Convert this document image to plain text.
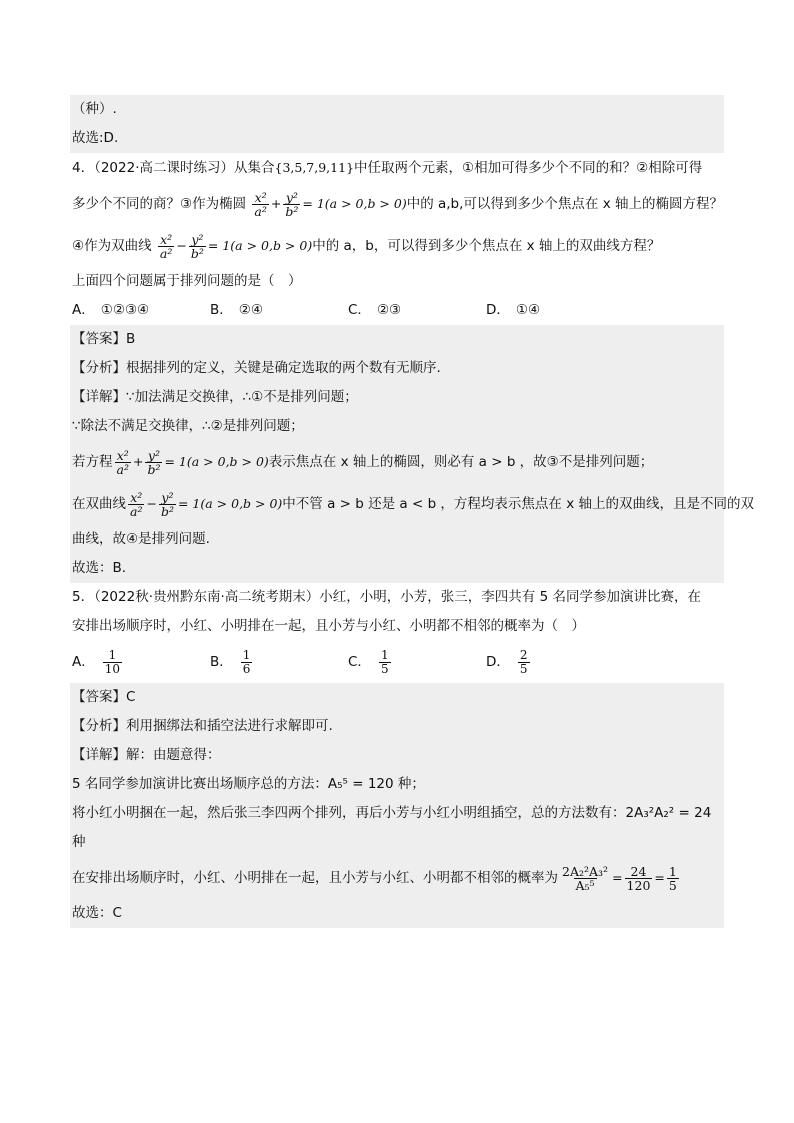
（种）.
故选:D.
4．（2022·高二课时练习）从集合{3,5,7,9,11}中任取两个元素，①相加可得多少个不同的和？②相除可得
多少个不同的商？③作为椭圆 $\frac{\text{x²}}{\text{a²}} + \frac{\text{y²}}{\text{b²}} = 1(a > 0,b > 0)$中的 a,b,可以得到多少个焦点在 x 轴上的椭圆方程？
④作为双曲线 $\frac{\text{x²}}{\text{a²}} - \frac{\text{y²}}{\text{b²}} = 1(a > 0,b > 0)$中的 a，b，可以得到多少个焦点在 x 轴上的双曲线方程？
上面四个问题属于排列问题的是（　）
A． ①②③④	B． ②④	C． ②③	D． ①④
【答案】B
【分析】根据排列的定义，关键是确定选取的两个数有无顺序.
【详解】∵加法满足交换律，∴①不是排列问题；
∵除法不满足交换律，∴②是排列问题；
若方程 $\frac{\text{x²}}{\text{a²}} + \frac{\text{y²}}{\text{b²}} = 1(a > 0,b > 0)$表示焦点在 x 轴上的椭圆，则必有 a > b ，故③不是排列问题；
在双曲线 $\frac{\text{x²}}{\text{a²}} - \frac{\text{y²}}{\text{b²}} = 1(a > 0,b > 0)$中不管 a > b 还是 a < b ，方程均表示焦点在 x 轴上的双曲线，且是不同的双
曲线，故④是排列问题.
故选：B.
5．（2022秋·贵州黔东南·高二统考期末）小红，小明，小芳，张三，李四共有 5 名同学参加演讲比赛，在
安排出场顺序时，小红、小明排在一起，且小芳与小红、小明都不相邻的概率为（　）
A． $\frac{1}{10}$	B． $\frac{1}{6}$	C． $\frac{1}{5}$	D． $\frac{2}{5}$
【答案】C
【分析】利用捆绑法和插空法进行求解即可.
【详解】解：由题意得：
5 名同学参加演讲比赛出场顺序总的方法：A₅⁵ = 120 种；
将小红小明捆在一起，然后张三李四两个排列，再后小芳与小红小明组插空，总的方法数有：2A₃²A₂² = 24
种
在安排出场顺序时，小红、小明排在一起，且小芳与小红、小明都不相邻的概率为 $\frac{\text{2A₂²A₃²}}{\text{A₅⁵}} = \frac{24}{120} = \frac{1}{5}$
故选：C
